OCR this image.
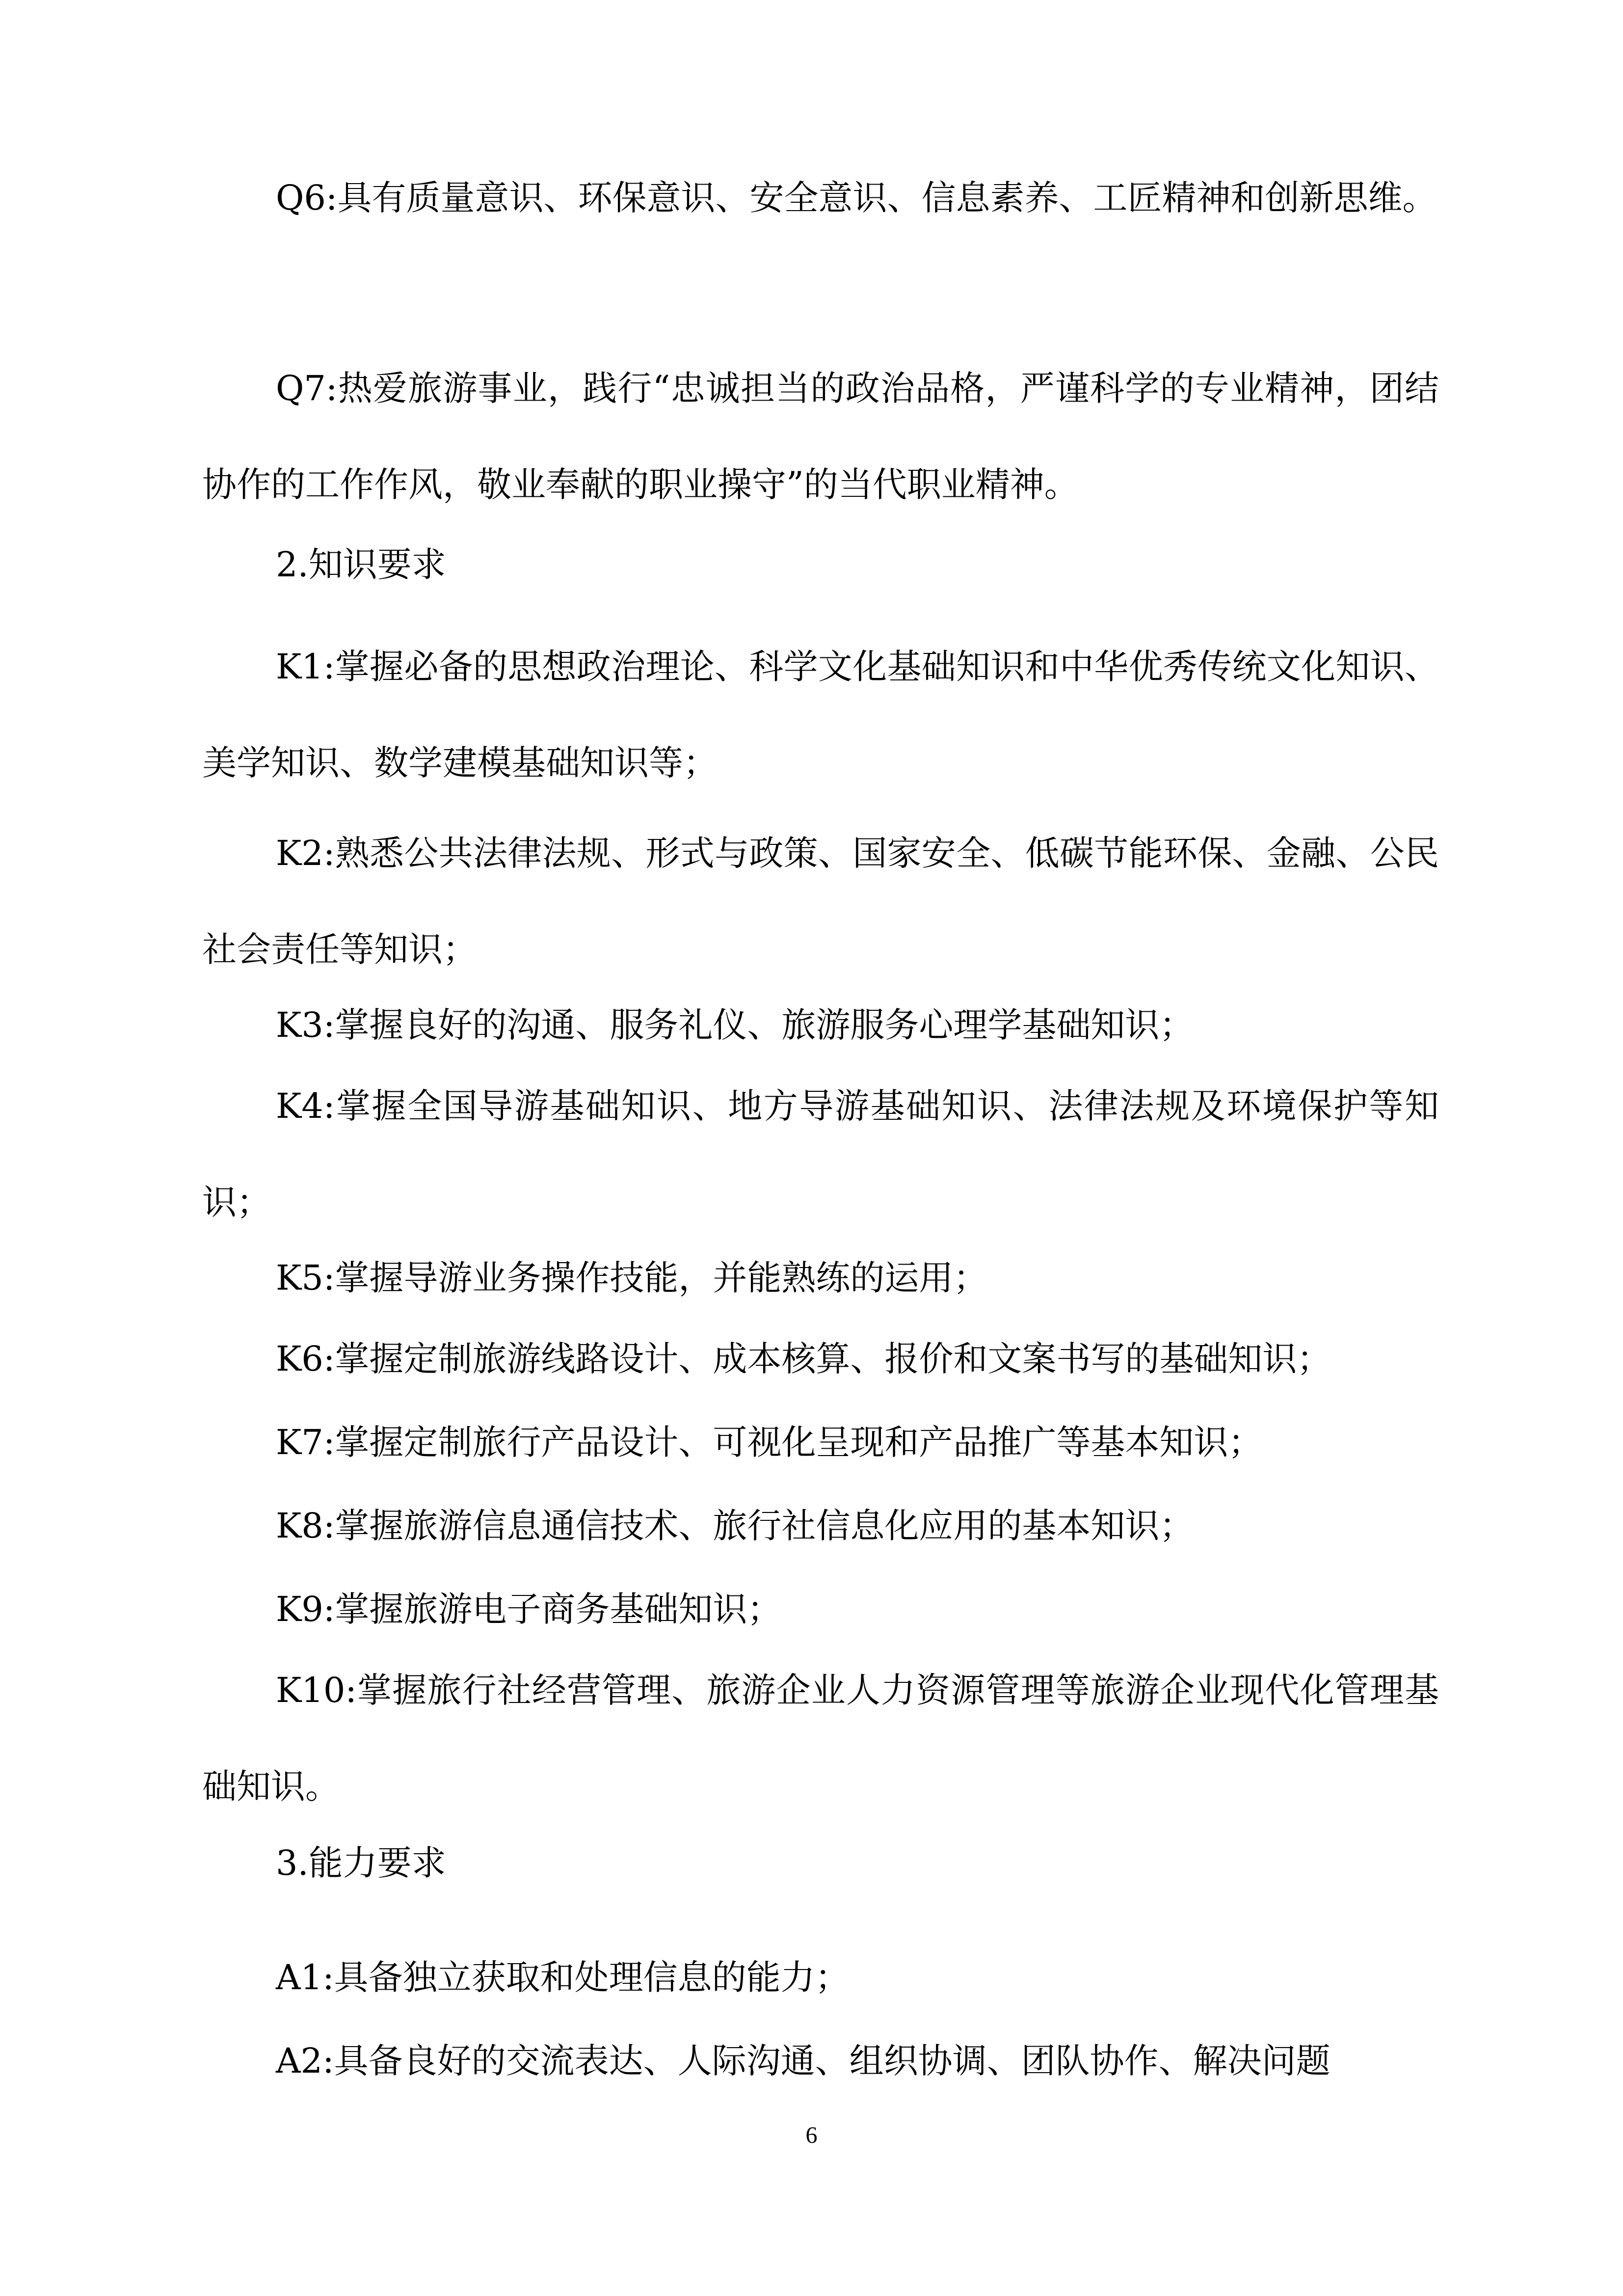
Q6:具有质量意识、环保意识、安全意识、信息素养、工匠精神和创新思维。

Q7:热爱旅游事业，践行“忠诚担当的政治品格，严谨科学的专业精神，团结协作的工作作风，敬业奉献的职业操守”的当代职业精神。

2.知识要求

K1:掌握必备的思想政治理论、科学文化基础知识和中华优秀传统文化知识、美学知识、数学建模基础知识等；

K2:熟悉公共法律法规、形式与政策、国家安全、低碳节能环保、金融、公民社会责任等知识；

K3:掌握良好的沟通、服务礼仪、旅游服务心理学基础知识；

K4:掌握全国导游基础知识、地方导游基础知识、法律法规及环境保护等知识；

K5:掌握导游业务操作技能，并能熟练的运用；

K6:掌握定制旅游线路设计、成本核算、报价和文案书写的基础知识；

K7:掌握定制旅行产品设计、可视化呈现和产品推广等基本知识；

K8:掌握旅游信息通信技术、旅行社信息化应用的基本知识；

K9:掌握旅游电子商务基础知识；

K10:掌握旅行社经营管理、旅游企业人力资源管理等旅游企业现代化管理基础知识。

3.能力要求

A1:具备独立获取和处理信息的能力；

A2:具备良好的交流表达、人际沟通、组织协调、团队协作、解决问题

6
